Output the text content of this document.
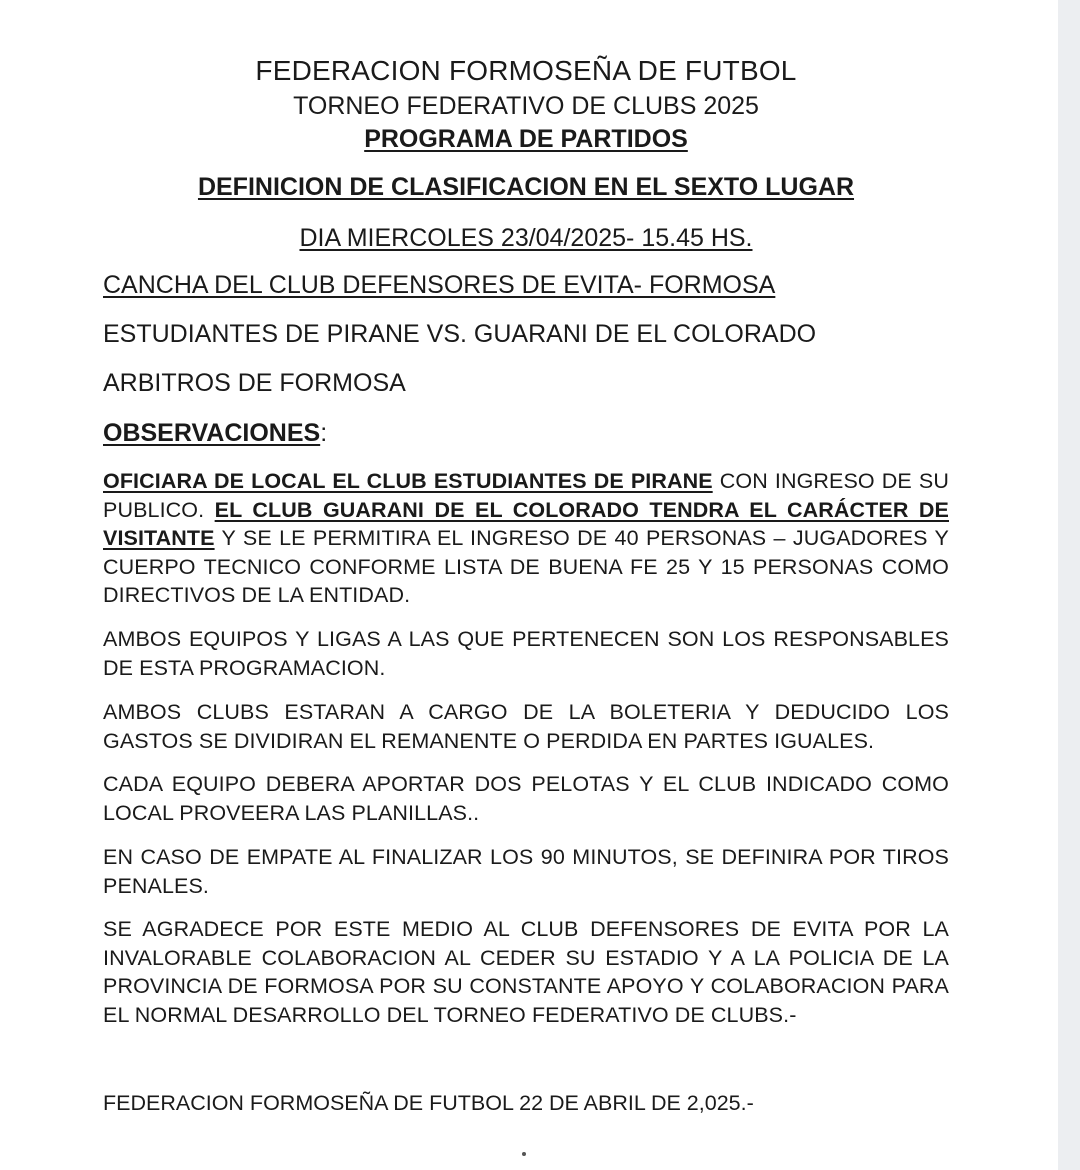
FEDERACION FORMOSEÑA DE FUTBOL
TORNEO FEDERATIVO DE CLUBS 2025
PROGRAMA DE PARTIDOS
DEFINICION DE CLASIFICACION EN EL SEXTO LUGAR
DIA MIERCOLES 23/04/2025- 15.45 HS.
CANCHA DEL CLUB DEFENSORES DE EVITA- FORMOSA
ESTUDIANTES DE PIRANE VS. GUARANI DE EL COLORADO
ARBITROS DE FORMOSA
OBSERVACIONES:
OFICIARA DE LOCAL EL CLUB ESTUDIANTES DE PIRANE CON INGRESO DE SU PUBLICO. EL CLUB GUARANI DE EL COLORADO TENDRA EL CARÁCTER DE VISITANTE Y SE LE PERMITIRA EL INGRESO DE 40 PERSONAS – JUGADORES Y CUERPO TECNICO CONFORME LISTA DE BUENA FE 25 Y 15 PERSONAS COMO DIRECTIVOS DE LA ENTIDAD.
AMBOS EQUIPOS Y LIGAS A LAS QUE PERTENECEN SON LOS RESPONSABLES DE ESTA PROGRAMACION.
AMBOS CLUBS ESTARAN A CARGO DE LA BOLETERIA Y DEDUCIDO LOS GASTOS SE DIVIDIRAN EL REMANENTE O PERDIDA EN PARTES IGUALES.
CADA EQUIPO DEBERA APORTAR DOS PELOTAS Y EL CLUB INDICADO COMO LOCAL PROVEERA LAS PLANILLAS..
EN CASO DE EMPATE AL FINALIZAR LOS 90 MINUTOS, SE DEFINIRA POR TIROS PENALES.
SE AGRADECE POR ESTE MEDIO AL CLUB DEFENSORES DE EVITA POR LA INVALORABLE COLABORACION AL CEDER SU ESTADIO Y A LA POLICIA DE LA PROVINCIA DE FORMOSA POR SU CONSTANTE APOYO Y COLABORACION PARA EL NORMAL DESARROLLO DEL TORNEO FEDERATIVO DE CLUBS.-
FEDERACION FORMOSEÑA DE FUTBOL 22 DE ABRIL DE 2,025.-
